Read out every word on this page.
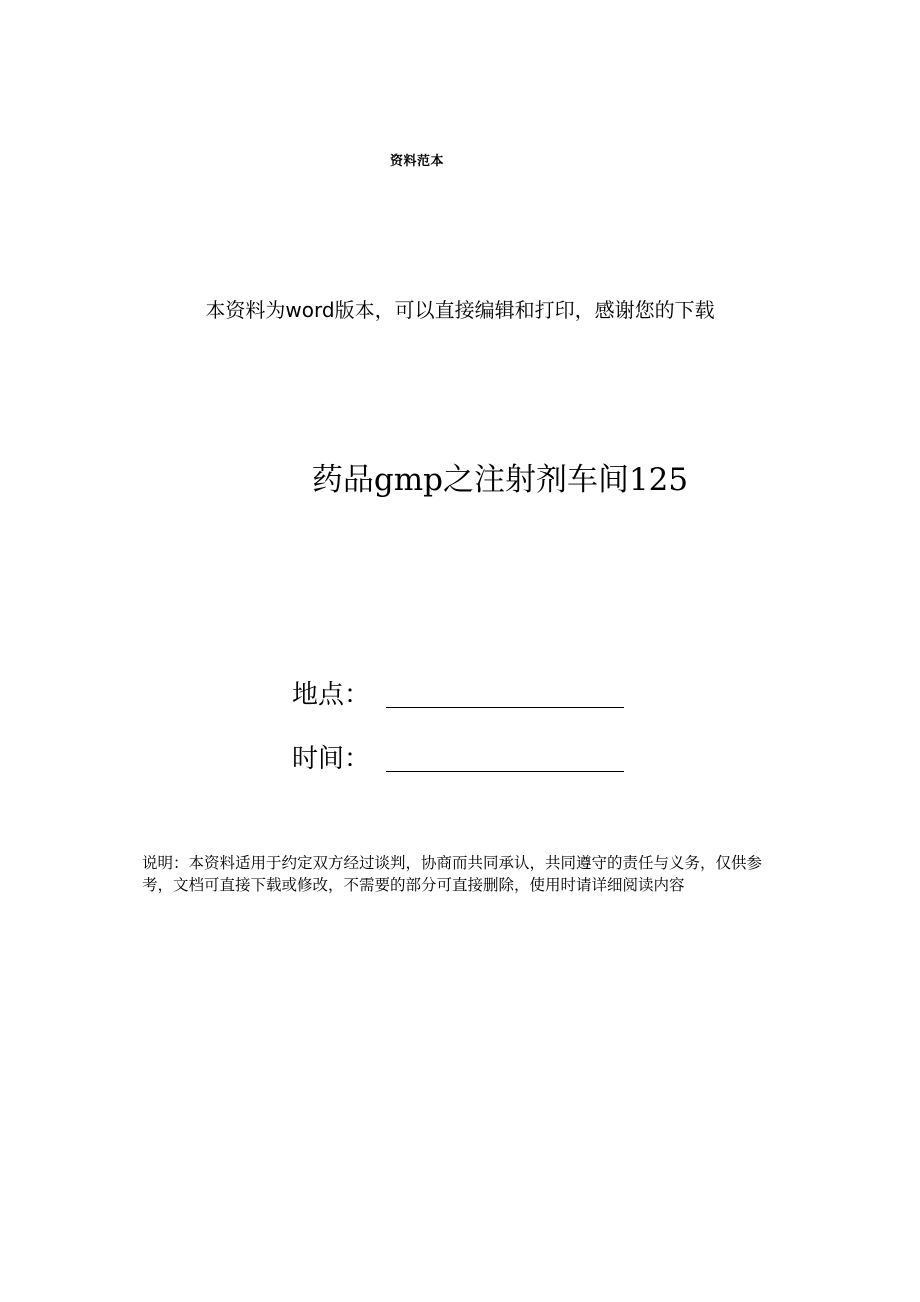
资料范本
本资料为word版本，可以直接编辑和打印，感谢您的下载
药品gmp之注射剂车间125
地点：
时间：
说明：本资料适用于约定双方经过谈判，协商而共同承认，共同遵守的责任与义务，仅供参考，文档可直接下载或修改，不需要的部分可直接删除，使用时请详细阅读内容
